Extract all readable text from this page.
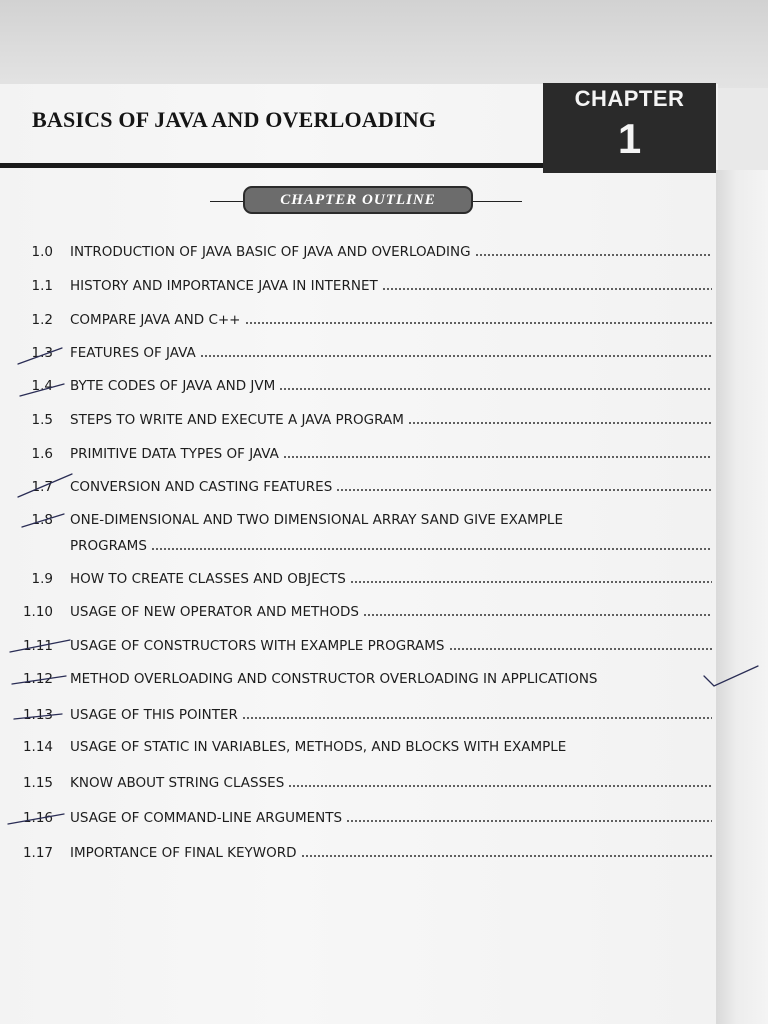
BASICS OF JAVA AND OVERLOADING
CHAPTER
1
CHAPTER OUTLINE
1.0 INTRODUCTION OF JAVA BASIC OF JAVA AND OVERLOADING
1.1 HISTORY AND IMPORTANCE JAVA IN INTERNET
1.2 COMPARE JAVA AND C++
1.3 FEATURES OF JAVA
1.4 BYTE CODES OF JAVA AND JVM
1.5 STEPS TO WRITE AND EXECUTE A JAVA PROGRAM
1.6 PRIMITIVE DATA TYPES OF JAVA
1.7 CONVERSION AND CASTING FEATURES
1.8 ONE-DIMENSIONAL AND TWO DIMENSIONAL ARRAY SAND GIVE EXAMPLE
PROGRAMS
1.9 HOW TO CREATE CLASSES AND OBJECTS
1.10 USAGE OF NEW OPERATOR AND METHODS
1.11 USAGE OF CONSTRUCTORS WITH EXAMPLE PROGRAMS
1.12 METHOD OVERLOADING AND CONSTRUCTOR OVERLOADING IN APPLICATIONS
1.13 USAGE OF THIS POINTER
1.14 USAGE OF STATIC IN VARIABLES, METHODS, AND BLOCKS WITH EXAMPLE
1.15 KNOW ABOUT STRING CLASSES
1.16 USAGE OF COMMAND-LINE ARGUMENTS
1.17 IMPORTANCE OF FINAL KEYWORD
